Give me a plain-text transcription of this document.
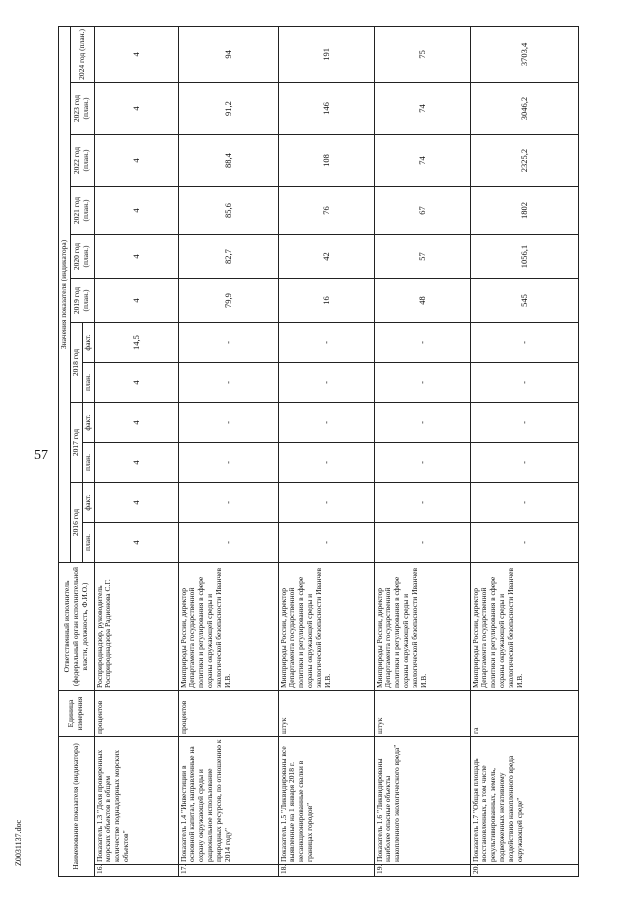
57
Z0031137.doc	Наименование показателя (индикатора)		Единица измерения	Ответственный исполнитель (федеральный орган исполнительной власти, должность, Ф.И.О.)	Значения показателя (индикатора)											
				2016 год		2017 год		2018 год		2019 год (план.)	2020 год (план.)	2021 год (план.)	2022 год (план.)	2023 год (план.)	2024 год (план.)
				план.	факт.	план.	факт.	план.	факт.						
16.	Показатель 1.3 "Доля проверенных морских объектов в общем количестве поднадзорных морских объектов"	процентов	Росприроднадзор, руководитель Росприроднадзора Радионова С.Г.	4	4	4	4	4	14,5	4	4	4	4	4	4
17.	Показатель 1.4 "Инвестиции в основной капитал, направленные на охрану окружающей среды и рациональное использование природных ресурсов, по отношению к 2014 году"	процентов	Минприроды России, директор Департамента государственной политики и регулирования в сфере охраны окружающей среды и экологической безопасности Иванчев И.В.	-	-	-	-	-	-	79,9	82,7	85,6	88,4	91,2	94
18.	Показатель 1.5 "Ликвидированы все выявленные на 1 января 2018 г. несанкционированные свалки в границах городов"	штук	Минприроды России, директор Департамента государственной политики и регулирования в сфере охраны окружающей среды и экологической безопасности Иванчев И.В.	-	-	-	-	-	-	16	42	76	108	146	191
19.	Показатель 1.6 "Ликвидированы наиболее опасные объекты накопленного экологического вреда"	штук	Минприроды России, директор Департамента государственной политики и регулирования в сфере охраны окружающей среды и экологической безопасности Иванчев И.В.	-	-	-	-	-	-	48	57	67	74	74	75
20.	Показатель 1.7 "Общая площадь восстановленных, в том числе рекультивированных, земель, подверженных негативному воздействию накопленного вреда окружающей среде"	га	Минприроды России, директор Департамента государственной политики и регулирования в сфере охраны окружающей среды и экологической безопасности Иванчев И.В.	-	-	-	-	-	-	545	1056,1	1802	2325,2	3046,2	3703,4
